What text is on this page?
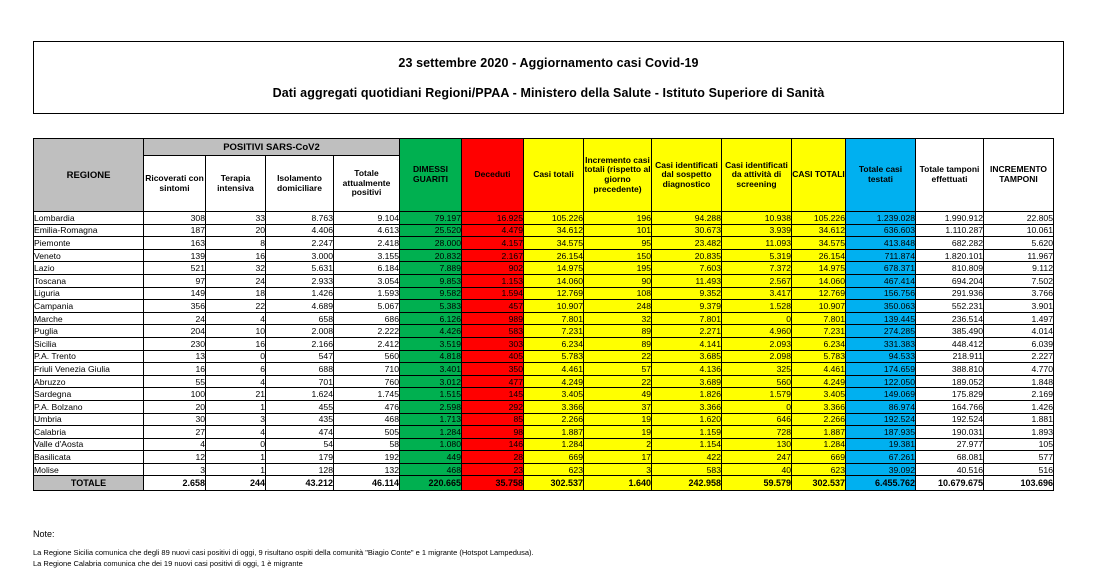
23 settembre 2020 - Aggiornamento casi Covid-19
Dati aggregati quotidiani Regioni/PPAA - Ministero della Salute - Istituto Superiore di Sanità
REGIONE	POSITIVI SARS-CoV2				DIMESSI GUARITI	Deceduti	Casi totali	Incremento casi totali (rispetto al giorno precedente)	Casi identificati dal sospetto diagnostico	Casi identificati da attività di screening	CASI TOTALI	Totale casi testati	Totale tamponi effettuati	INCREMENTO TAMPONI
	Ricoverati con sintomi	Terapia intensiva	Isolamento domiciliare	Totale attualmente positivi										
Lombardia	308	33	8.763	9.104	79.197	16.925	105.226	196	94.288	10.938	105.226	1.239.028	1.990.912	22.805
Emilia-Romagna	187	20	4.406	4.613	25.520	4.479	34.612	101	30.673	3.939	34.612	636.603	1.110.287	10.061
Piemonte	163	8	2.247	2.418	28.000	4.157	34.575	95	23.482	11.093	34.575	413.848	682.282	5.620
Veneto	139	16	3.000	3.155	20.832	2.167	26.154	150	20.835	5.319	26.154	711.874	1.820.101	11.967
Lazio	521	32	5.631	6.184	7.889	902	14.975	195	7.603	7.372	14.975	678.371	810.809	9.112
Toscana	97	24	2.933	3.054	9.853	1.153	14.060	90	11.493	2.567	14.060	467.414	694.204	7.502
Liguria	149	18	1.426	1.593	9.582	1.594	12.769	108	9.352	3.417	12.769	156.756	291.936	3.766
Campania	356	22	4.689	5.067	5.383	457	10.907	248	9.379	1.528	10.907	350.063	552.231	3.901
Marche	24	4	658	686	6.126	989	7.801	32	7.801	0	7.801	139.445	236.514	1.497
Puglia	204	10	2.008	2.222	4.426	583	7.231	89	2.271	4.960	7.231	274.285	385.490	4.014
Sicilia	230	16	2.166	2.412	3.519	303	6.234	89	4.141	2.093	6.234	331.383	448.412	6.039
P.A. Trento	13	0	547	560	4.818	405	5.783	22	3.685	2.098	5.783	94.533	218.911	2.227
Friuli Venezia Giulia	16	6	688	710	3.401	350	4.461	57	4.136	325	4.461	174.659	388.810	4.770
Abruzzo	55	4	701	760	3.012	477	4.249	22	3.689	560	4.249	122.050	189.052	1.848
Sardegna	100	21	1.624	1.745	1.515	145	3.405	49	1.826	1.579	3.405	149.069	175.829	2.169
P.A. Bolzano	20	1	455	476	2.598	292	3.366	37	3.366	0	3.366	86.974	164.766	1.426
Umbria	30	3	435	468	1.713	85	2.266	19	1.620	646	2.266	192.524	192.524	1.881
Calabria	27	4	474	505	1.284	98	1.887	19	1.159	728	1.887	187.935	190.031	1.893
Valle d'Aosta	4	0	54	58	1.080	146	1.284	2	1.154	130	1.284	19.381	27.977	105
Basilicata	12	1	179	192	449	28	669	17	422	247	669	67.261	68.081	577
Molise	3	1	128	132	468	23	623	3	583	40	623	39.092	40.516	516
TOTALE	2.658	244	43.212	46.114	220.665	35.758	302.537	1.640	242.958	59.579	302.537	6.455.762	10.679.675	103.696
Note:
La Regione Sicilia comunica che degli 89 nuovi casi positivi di oggi, 9 risultano ospiti della comunità "Biagio Conte" e 1 migrante (Hotspot Lampedusa).
La Regione Calabria comunica che dei 19 nuovi casi positivi di oggi, 1 è migrante
